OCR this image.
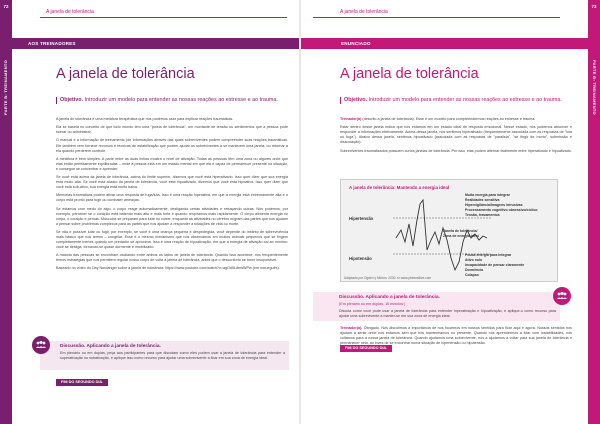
72
PARTE B: TREINAMENTO
A janela de tolerância
AOS TREINADORES
A janela de tolerância
Objetivo. Introduzir um modelo para entender as nossas reações ao estresse e ao trauma.

A janela de tolerância é uma metáfora terapêutica que nós podemos usar para explicar reações traumáticas.

Ela se baseia no conceito de que todo mundo tem uma "janela de tolerância", um montante de tensão ou sentimentos que a pessoa pode tolerar ou administrar.

O manual e a Informação de treinamento (de Informações através das quais sobreviventes podem compreender suas reações traumáticas. Ele também vem fornece recursos e técnicas de estabilização que podem ajudar os sobreviventes a se manterem uma janela, ou retornar a ela quando perderem controle.

A metáfora é bem simples. A parte entre as duas linhas mostra o nível de ativação. Todas as pessoas têm uma zona ou algures onde que elas estão perfeitamente equilibradas – onde a pessoa está em um estado mental em que ela é capaz de permanecer presente na situação, e consegue se concentrar e aprender.

Se você está acima da janela de tolerância, acima do limite superior, dizemos que você está hiperativado. Isso quer dizer que sua energia está muito alta. Se você está abaixo da janela de tolerância, você está hipoativado, dizemos que você está hipoativo. Isso quer dizer que você está sub-ativo; sua energia está muito baixa.

Memórias traumáticas podem ativar uma resposta de fuga/luta. Isso é uma reação hiperativa, em que a energia está extremamente alta e o corpo está pronto para fugir ou combater ameaças.

Se estamos com medo do algo, o corpo reage automaticamente, desligando certas atividades e retraçando outras. Nós podemos, por exemplo, perceber se o coração está batendo mais alto e mais forte e quando respiramos mais rapidamente. O corpo alimenta energia no corpo, o coração e pernas. Músculos se preparam para lutar ou correr, enquanto as atividades no cérebro migram das partes que nos ajudam a pensar sobre problemas complexos para as partes que nos ajudam a responder a situações de vida ou morte.

Se não é possível lutar ou fugir, por exemplo, se você é uma criança pequena e desprotegida, você depende do instinto de sobrevivência mais básico que nós temos – congelar. Esse é o mesmo mecanismo que nós observamos em muitos animais pequenos que se fingem completamente inertes quando um predador se aproxima. Isso é uma reação de hipoativação, em que a energia de ativação cai ao mínimo: você se desliga, tornando-se quase dormente e imobilizado.

A maioria das pessoas se encontram oscilando entre ambos os lados de janela de tolerância. Quando isso acontece, nós frequentemente temos estratégias que nos permitem regular nosso corpo de volta à janela de tolerância, antes que o desconforto se torne insuportável.

Baseado no vídeo do Day Nordanger sobre a janela de tolerância: https://www.youtube.com/watch?v=agOd5L8msWPw (em norueguês).

Discussão. Aplicando a janela de tolerância.
Em plenário ou em duplas, peça aos participantes para que discutam como eles podem usar a janela de tolerância para entender a superativação ou subativação, e aplique isso como recurso para ajudar uma sobrevivente a ficar em sua zona de energia ideal.
FIM DO SEGUNDO DIA.
73
PARTE B: TREINAMENTO
A janela de tolerância
ENUNCIADO
A janela de tolerância
Objetivo. Introduzir um modelo para entender as nossas reações ao estresse e ao trauma.

Treinador(a) (descrito a janela de tolerância). Esse é um modelo para compreendermos reações ao estresse e trauma.

Estar dentro desse janela indica que nós estamos em um estado ideal de resposta emocional. Nesse estado, nós podemos absorver e responder a informações efetivamente. Acima dessa janela, nós sentimos hiperativado (frequentemente associada com as respostas de "luta ou fuga"). Abaixo dessa janela, sentimos hipoativado (associada com as respostas de "paralisia", "se fingir de morto", submissão e dissociação).

Sobreviventes traumatizados possuem curtos janelas de tolerância. Por isso, elas podem alternar facilmente entre hiperativado e hipoativado.

A janela de tolerância: Mantendo a energia ideal
Hipertensão
Hipotensão
Muita energia para integrar
Realidades sensitiva
Hipervigilância/Imagens intrusivas
Processamento cognitivo obsessivo/cíclico
Tensão, travamentos
Janela de tolerância/
Zona de energia ideal
Pouca energia para integrar
Ativo nulo
Incapacidade de pensar claramente
Dormência
Colapso
Adaptado por Ogden y Minton, 2000. sr www.pbsensitive.com
Discussão. Aplicando a janela de tolerância.
(Em plenário ou em duplas. 10 minutos.)
Discuta como você pode usar a janela de tolerância para entender hiperativação e hipoativação, e aplique-o como recurso para ajudar uma sobrevivente a manter-se em sua zona de energia ideal.

Treinador(a). Obrigado. Nós discutimos a importância de nos focarmos em nossos sentidos para ficar aqui e agora. Nossos sentidos nos ajudam a sentir onde nós estamos sem que nós mantenhamos no presente. Quando nós aprendermos a lidar com instabilidades, nós voltamos para a nossa janela de tolerância. Quando ajudamos uma sobrevivente, nós a ajudamos a voltar para sua janela de tolerância e permanecer nela, ao invés de se encontrar numa situação de hipertensão ou hipotensão.

FIM DO SEGUNDO DIA.
